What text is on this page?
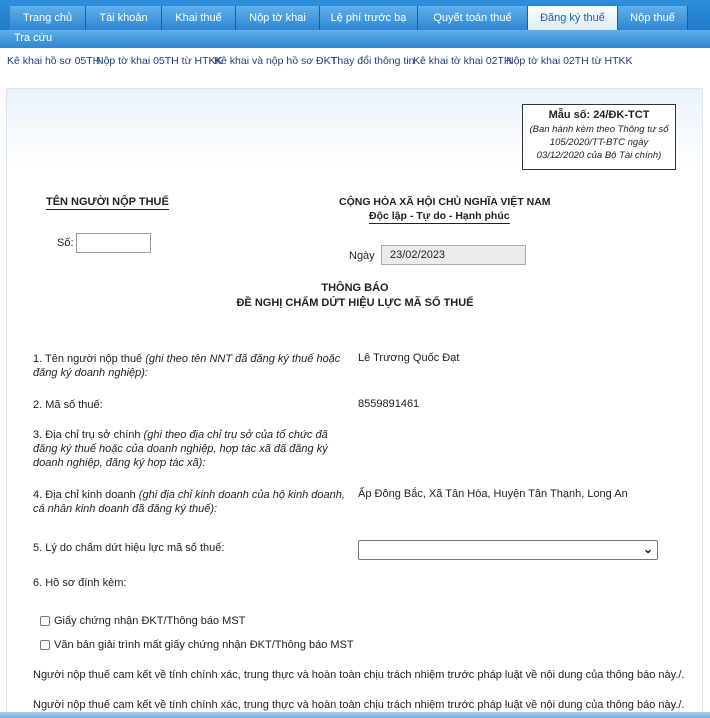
Trang chủ	Tài khoản	Khai thuế	Nộp tờ khai	Lệ phí trước bạ	Quyết toán thuế	Đăng ký thuế	Nộp thuế
Tra cứu
Kê khai hồ sơ 05TH
Nộp tờ khai 05TH từ HTKK
Kê khai và nộp hồ sơ ĐKT
Thay đổi thông tin
Kê khai tờ khai 02TH
Nộp tờ khai 02TH từ HTKK
Mẫu số: 24/ĐK-TCT
(Ban hành kèm theo Thông tư số
105/2020/TT-BTC ngày
03/12/2020 của Bộ Tài chính)
TÊN NGƯỜI NỘP THUẾ
Số:
CỘNG HÒA XÃ HỘI CHỦ NGHĨA VIỆT NAM
Độc lập - Tự do - Hạnh phúc
Ngày	23/02/2023
THÔNG BÁO
ĐỀ NGHỊ CHẤM DỨT HIỆU LỰC MÃ SỐ THUẾ
1. Tên người nộp thuế (ghi theo tên NNT đã đăng ký thuế hoặc
đăng ký doanh nghiệp):
Lê Trương Quốc Đạt
2. Mã số thuế:	8559891461
3. Địa chỉ trụ sở chính (ghi theo địa chỉ trụ sở của tổ chức đã
đăng ký thuế hoặc của doanh nghiệp, hợp tác xã đã đăng ký
doanh nghiệp, đăng ký hợp tác xã):
4. Địa chỉ kinh doanh (ghi địa chỉ kinh doanh của hộ kinh doanh,
cá nhân kinh doanh đã đăng ký thuế):
Ấp Đông Bắc, Xã Tân Hòa, Huyện Tân Thạnh, Long An
5. Lý do chấm dứt hiệu lực mã số thuế:	⌄
6. Hồ sơ đính kèm:
Giấy chứng nhận ĐKT/Thông báo MST
Văn bản giải trình mất giấy chứng nhận ĐKT/Thông báo MST
Người nộp thuế cam kết về tính chính xác, trung thực và hoàn toàn chịu trách nhiệm trước pháp luật về nội dung của thông báo này./.
Người nộp thuế cam kết về tính chính xác, trung thực và hoàn toàn chịu trách nhiệm trước pháp luật về nội dung của thông báo này./.
